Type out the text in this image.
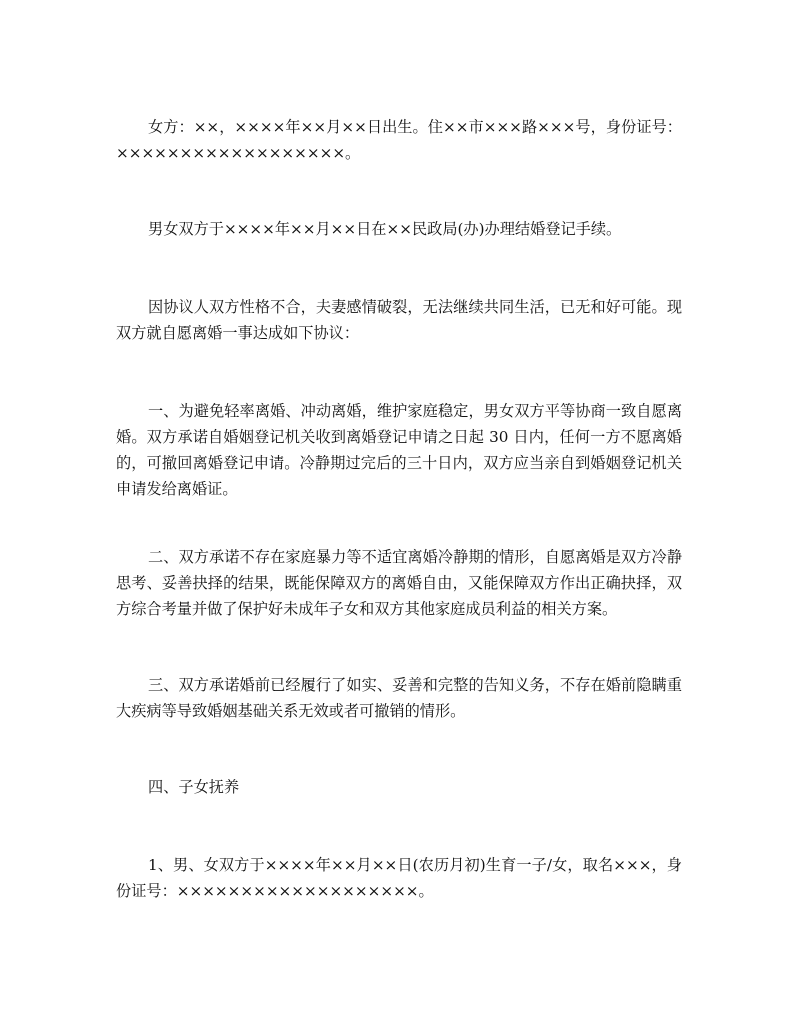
女方：××，××××年××月××日出生。住××市×××路×××号，身份证号：××××××××××××××××××。

男女双方于××××年××月××日在××民政局(办)办理结婚登记手续。

因协议人双方性格不合，夫妻感情破裂，无法继续共同生活，已无和好可能。现双方就自愿离婚一事达成如下协议：

一、为避免轻率离婚、冲动离婚，维护家庭稳定，男女双方平等协商一致自愿离婚。双方承诺自婚姻登记机关收到离婚登记申请之日起 30 日内，任何一方不愿离婚的，可撤回离婚登记申请。冷静期过完后的三十日内，双方应当亲自到婚姻登记机关申请发给离婚证。

二、双方承诺不存在家庭暴力等不适宜离婚冷静期的情形，自愿离婚是双方冷静思考、妥善抉择的结果，既能保障双方的离婚自由，又能保障双方作出正确抉择，双方综合考量并做了保护好未成年子女和双方其他家庭成员利益的相关方案。

三、双方承诺婚前已经履行了如实、妥善和完整的告知义务，不存在婚前隐瞒重大疾病等导致婚姻基础关系无效或者可撤销的情形。

四、子女抚养

1、男、女双方于××××年××月××日(农历月初)生育一子/女，取名×××，身份证号：×××××××××××××××××××。
